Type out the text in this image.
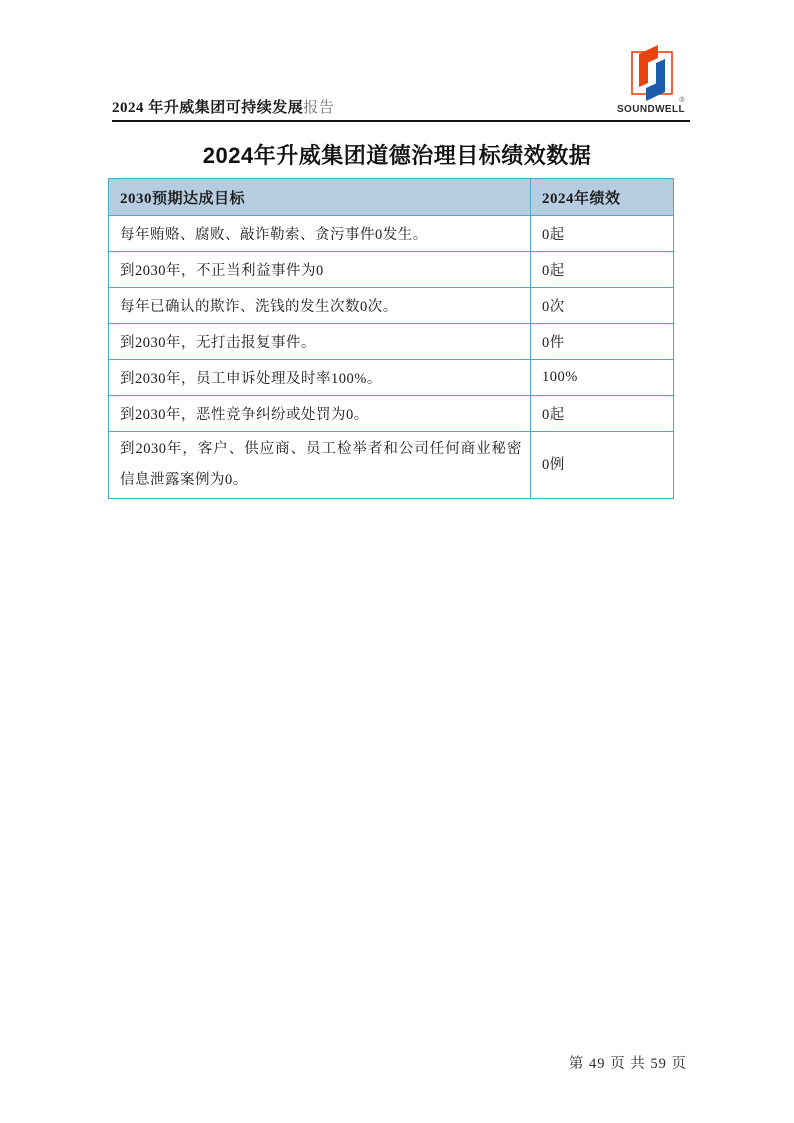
2024 年升威集团可持续发展报告	SOUNDWELL
®
2024年升威集团道德治理目标绩效数据
2030预期达成目标	2024年绩效
每年贿赂、腐败、敲诈勒索、贪污事件0发生。	0起
到2030年，不正当利益事件为0	0起
每年已确认的欺诈、洗钱的发生次数0次。	0次
到2030年，无打击报复事件。	0件
到2030年，员工申诉处理及时率100%。	100%
到2030年，恶性竞争纠纷或处罚为0。	0起
到2030年，客户、供应商、员工检举者和公司任何商业秘密信息泄露案例为0。	0例
第 49 页 共 59 页
